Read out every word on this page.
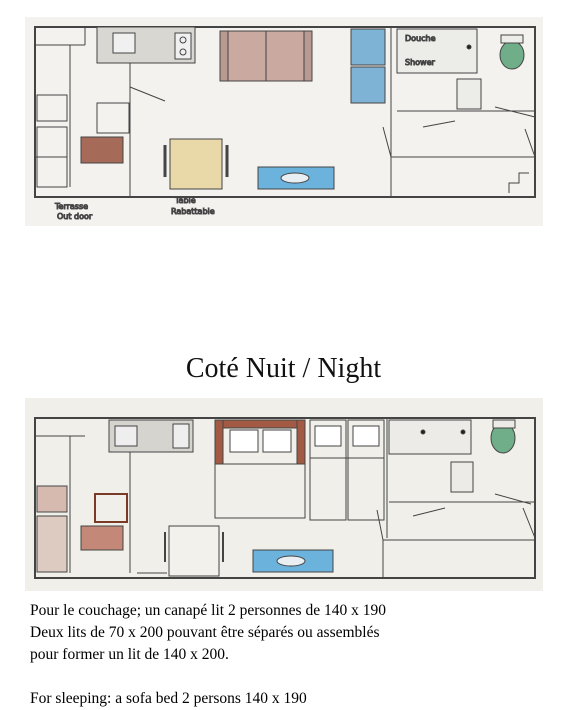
Douche
Shower
Terrasse
Out door
Table
Rabattable
Coté Nuit / Night

Pour le couchage; un canapé lit 2 personnes de 140 x 190

Deux lits de 70 x 200 pouvant être séparés ou assemblés

pour former un lit de 140 x 200.

For sleeping: a sofa bed 2 persons 140 x 190
